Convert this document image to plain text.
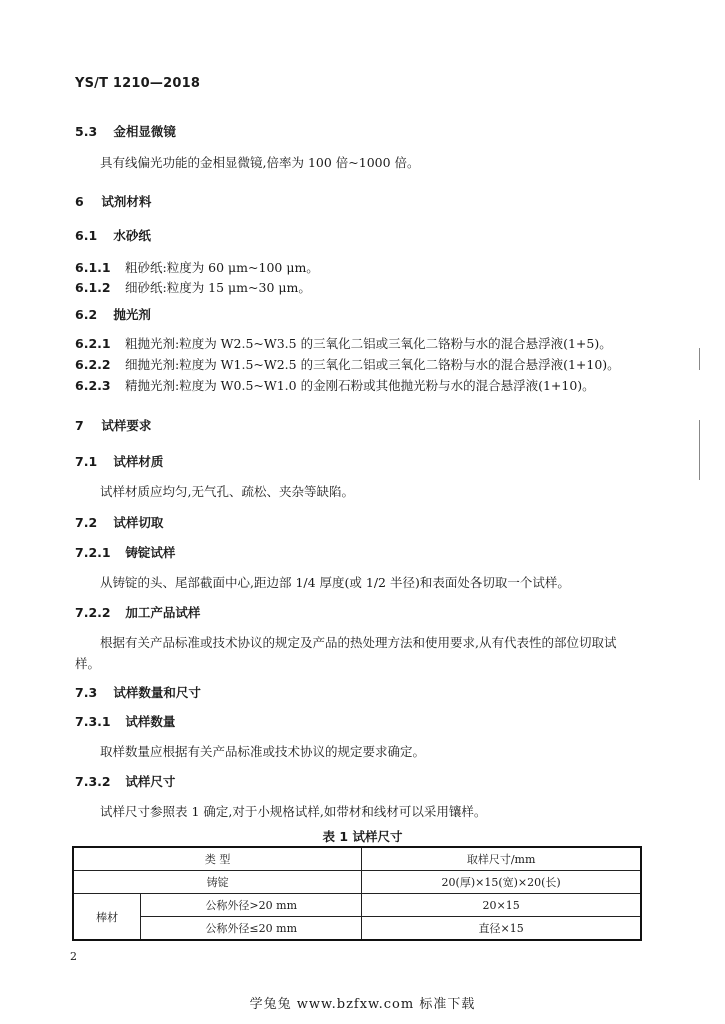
YS/T 1210—2018
5.3 金相显微镜
具有线偏光功能的金相显微镜,倍率为 100 倍~1000 倍。
6 试剂材料
6.1 水砂纸
6.1.1 粗砂纸:粒度为 60 μm~100 μm。
6.1.2 细砂纸:粒度为 15 μm~30 μm。
6.2 抛光剂
6.2.1 粗抛光剂:粒度为 W2.5~W3.5 的三氧化二铝或三氧化二铬粉与水的混合悬浮液(1+5)。
6.2.2 细抛光剂:粒度为 W1.5~W2.5 的三氧化二铝或三氧化二铬粉与水的混合悬浮液(1+10)。
6.2.3 精抛光剂:粒度为 W0.5~W1.0 的金刚石粉或其他抛光粉与水的混合悬浮液(1+10)。
7 试样要求
7.1 试样材质
试样材质应均匀,无气孔、疏松、夹杂等缺陷。
7.2 试样切取
7.2.1 铸锭试样
从铸锭的头、尾部截面中心,距边部 1/4 厚度(或 1/2 半径)和表面处各切取一个试样。
7.2.2 加工产品试样
根据有关产品标准或技术协议的规定及产品的热处理方法和使用要求,从有代表性的部位切取试
样。
7.3 试样数量和尺寸
7.3.1 试样数量
取样数量应根据有关产品标准或技术协议的规定要求确定。
7.3.2 试样尺寸
试样尺寸参照表 1 确定,对于小规格试样,如带材和线材可以采用镶样。
表 1 试样尺寸
类 型		取样尺寸/mm
铸锭		20(厚)×15(宽)×20(长)
棒材	公称外径>20 mm	20×15
	公称外径≤20 mm	直径×15
2
学兔兔 www.bzfxw.com 标准下载
